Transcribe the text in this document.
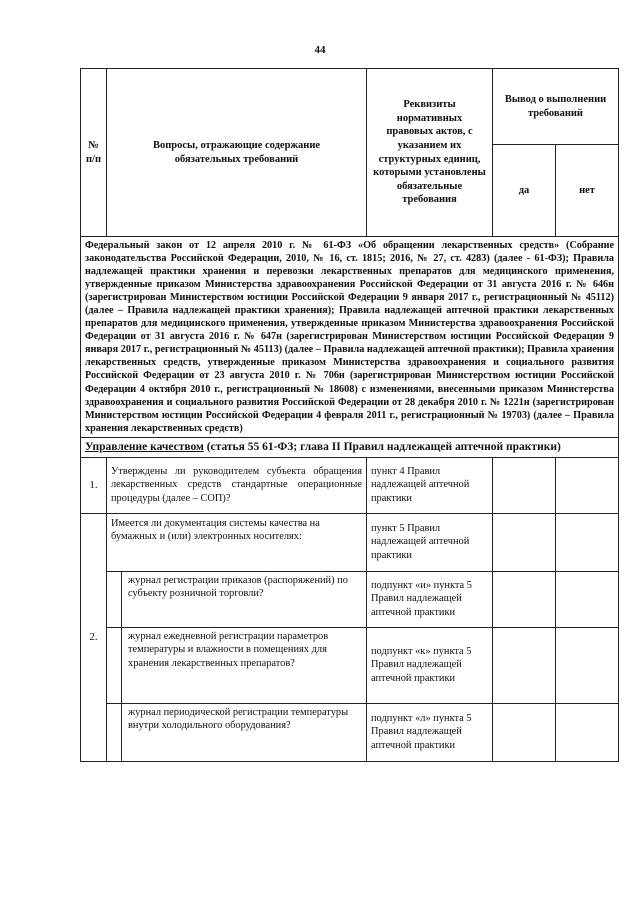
44
№
п/п	Вопросы, отражающие содержание обязательных требований	Реквизиты нормативных правовых актов, с указанием их структурных единиц, которыми установлены обязательные требования	Вывод о выполнении требований	
			да	нет
Федеральный закон от 12 апреля 2010 г. № 61-ФЗ «Об обращении лекарственных средств» (Собрание законодательства Российской Федерации, 2010, № 16, ст. 1815; 2016, № 27, ст. 4283) (далее - 61-ФЗ); Правила надлежащей практики хранения и перевозки лекарственных препаратов для медицинского применения, утвержденные приказом Министерства здравоохранения Российской Федерации от 31 августа 2016 г. № 646н (зарегистрирован Министерством юстиции Российской Федерации 9 января 2017 г., регистрационный № 45112) (далее – Правила надлежащей практики хранения); Правила надлежащей аптечной практики лекарственных препаратов для медицинского применения, утвержденные приказом Министерства здравоохранения Российской Федерации от 31 августа 2016 г. № 647н (зарегистрирован Министерством юстиции Российской Федерации 9 января 2017 г., регистрационный № 45113) (далее – Правила надлежащей аптечной практики); Правила хранения лекарственных средств, утвержденные приказом Министерства здравоохранения и социального развития Российской Федерации от 23 августа 2010 г. № 706н (зарегистрирован Министерством юстиции Российской Федерации 4 октября 2010 г., регистрационный № 18608) с изменениями, внесенными приказом Министерства здравоохранения и социального развития Российской Федерации от 28 декабря 2010 г. № 1221н (зарегистрирован Министерством юстиции Российской Федерации 4 февраля 2011 г., регистрационный № 19703) (далее – Правила хранения лекарственных средств)				
Управление качеством (статья 55 61-ФЗ; глава II Правил надлежащей аптечной практики)				
1.	Утверждены ли руководителем субъекта обращения лекарственных средств стандартные операционные процедуры (далее – СОП)?	пункт 4 Правил надлежащей аптечной практики		
2.	Имеется ли документация системы качества на бумажных и (или) электронных носителях:	пункт 5 Правил надлежащей аптечной практики		

	журнал регистрации приказов (распоряжений) по субъекту розничной торговли?	подпункт «и» пункта 5 Правил надлежащей аптечной практики		

	журнал ежедневной регистрации параметров температуры и влажности в помещениях для хранения лекарственных препаратов?	подпункт «к» пункта 5 Правил надлежащей аптечной практики		

	журнал периодической регистрации температуры внутри холодильного оборудования?	подпункт «л» пункта 5 Правил надлежащей аптечной практики		
